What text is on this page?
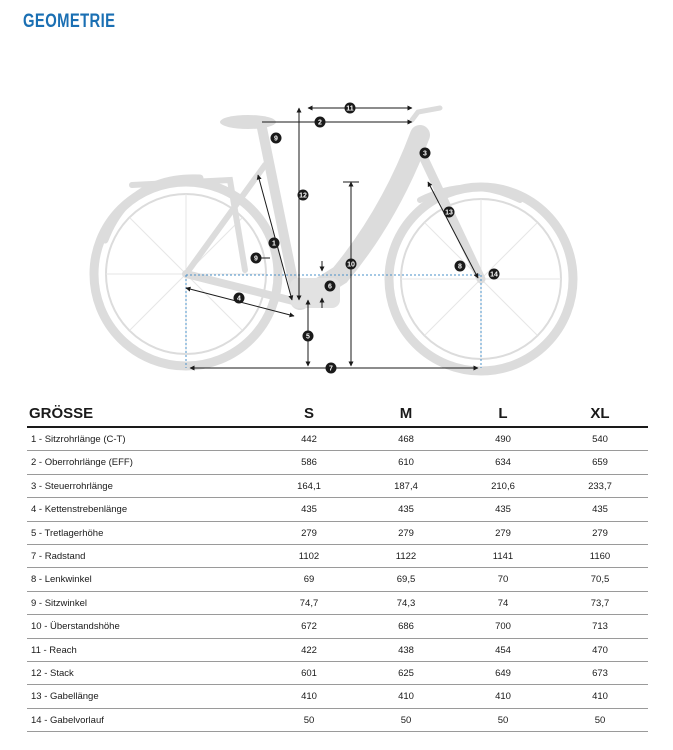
GEOMETRIE
1
2
3
4
5
6
7
8
9
9
10
11
12
13
14
GRÖSSE	S	M	L	XL
1 - Sitzrohrlänge (C-T)	442	468	490	540
2 - Oberrohrlänge (EFF)	586	610	634	659
3 - Steuerrohrlänge	164,1	187,4	210,6	233,7
4 - Kettenstrebenlänge	435	435	435	435
5 - Tretlagerhöhe	279	279	279	279
7 - Radstand	1102	1122	1141	1160
8 - Lenkwinkel	69	69,5	70	70,5
9 - Sitzwinkel	74,7	74,3	74	73,7
10 - Überstandshöhe	672	686	700	713
11 - Reach	422	438	454	470
12 - Stack	601	625	649	673
13 - Gabellänge	410	410	410	410
14 - Gabelvorlauf	50	50	50	50
